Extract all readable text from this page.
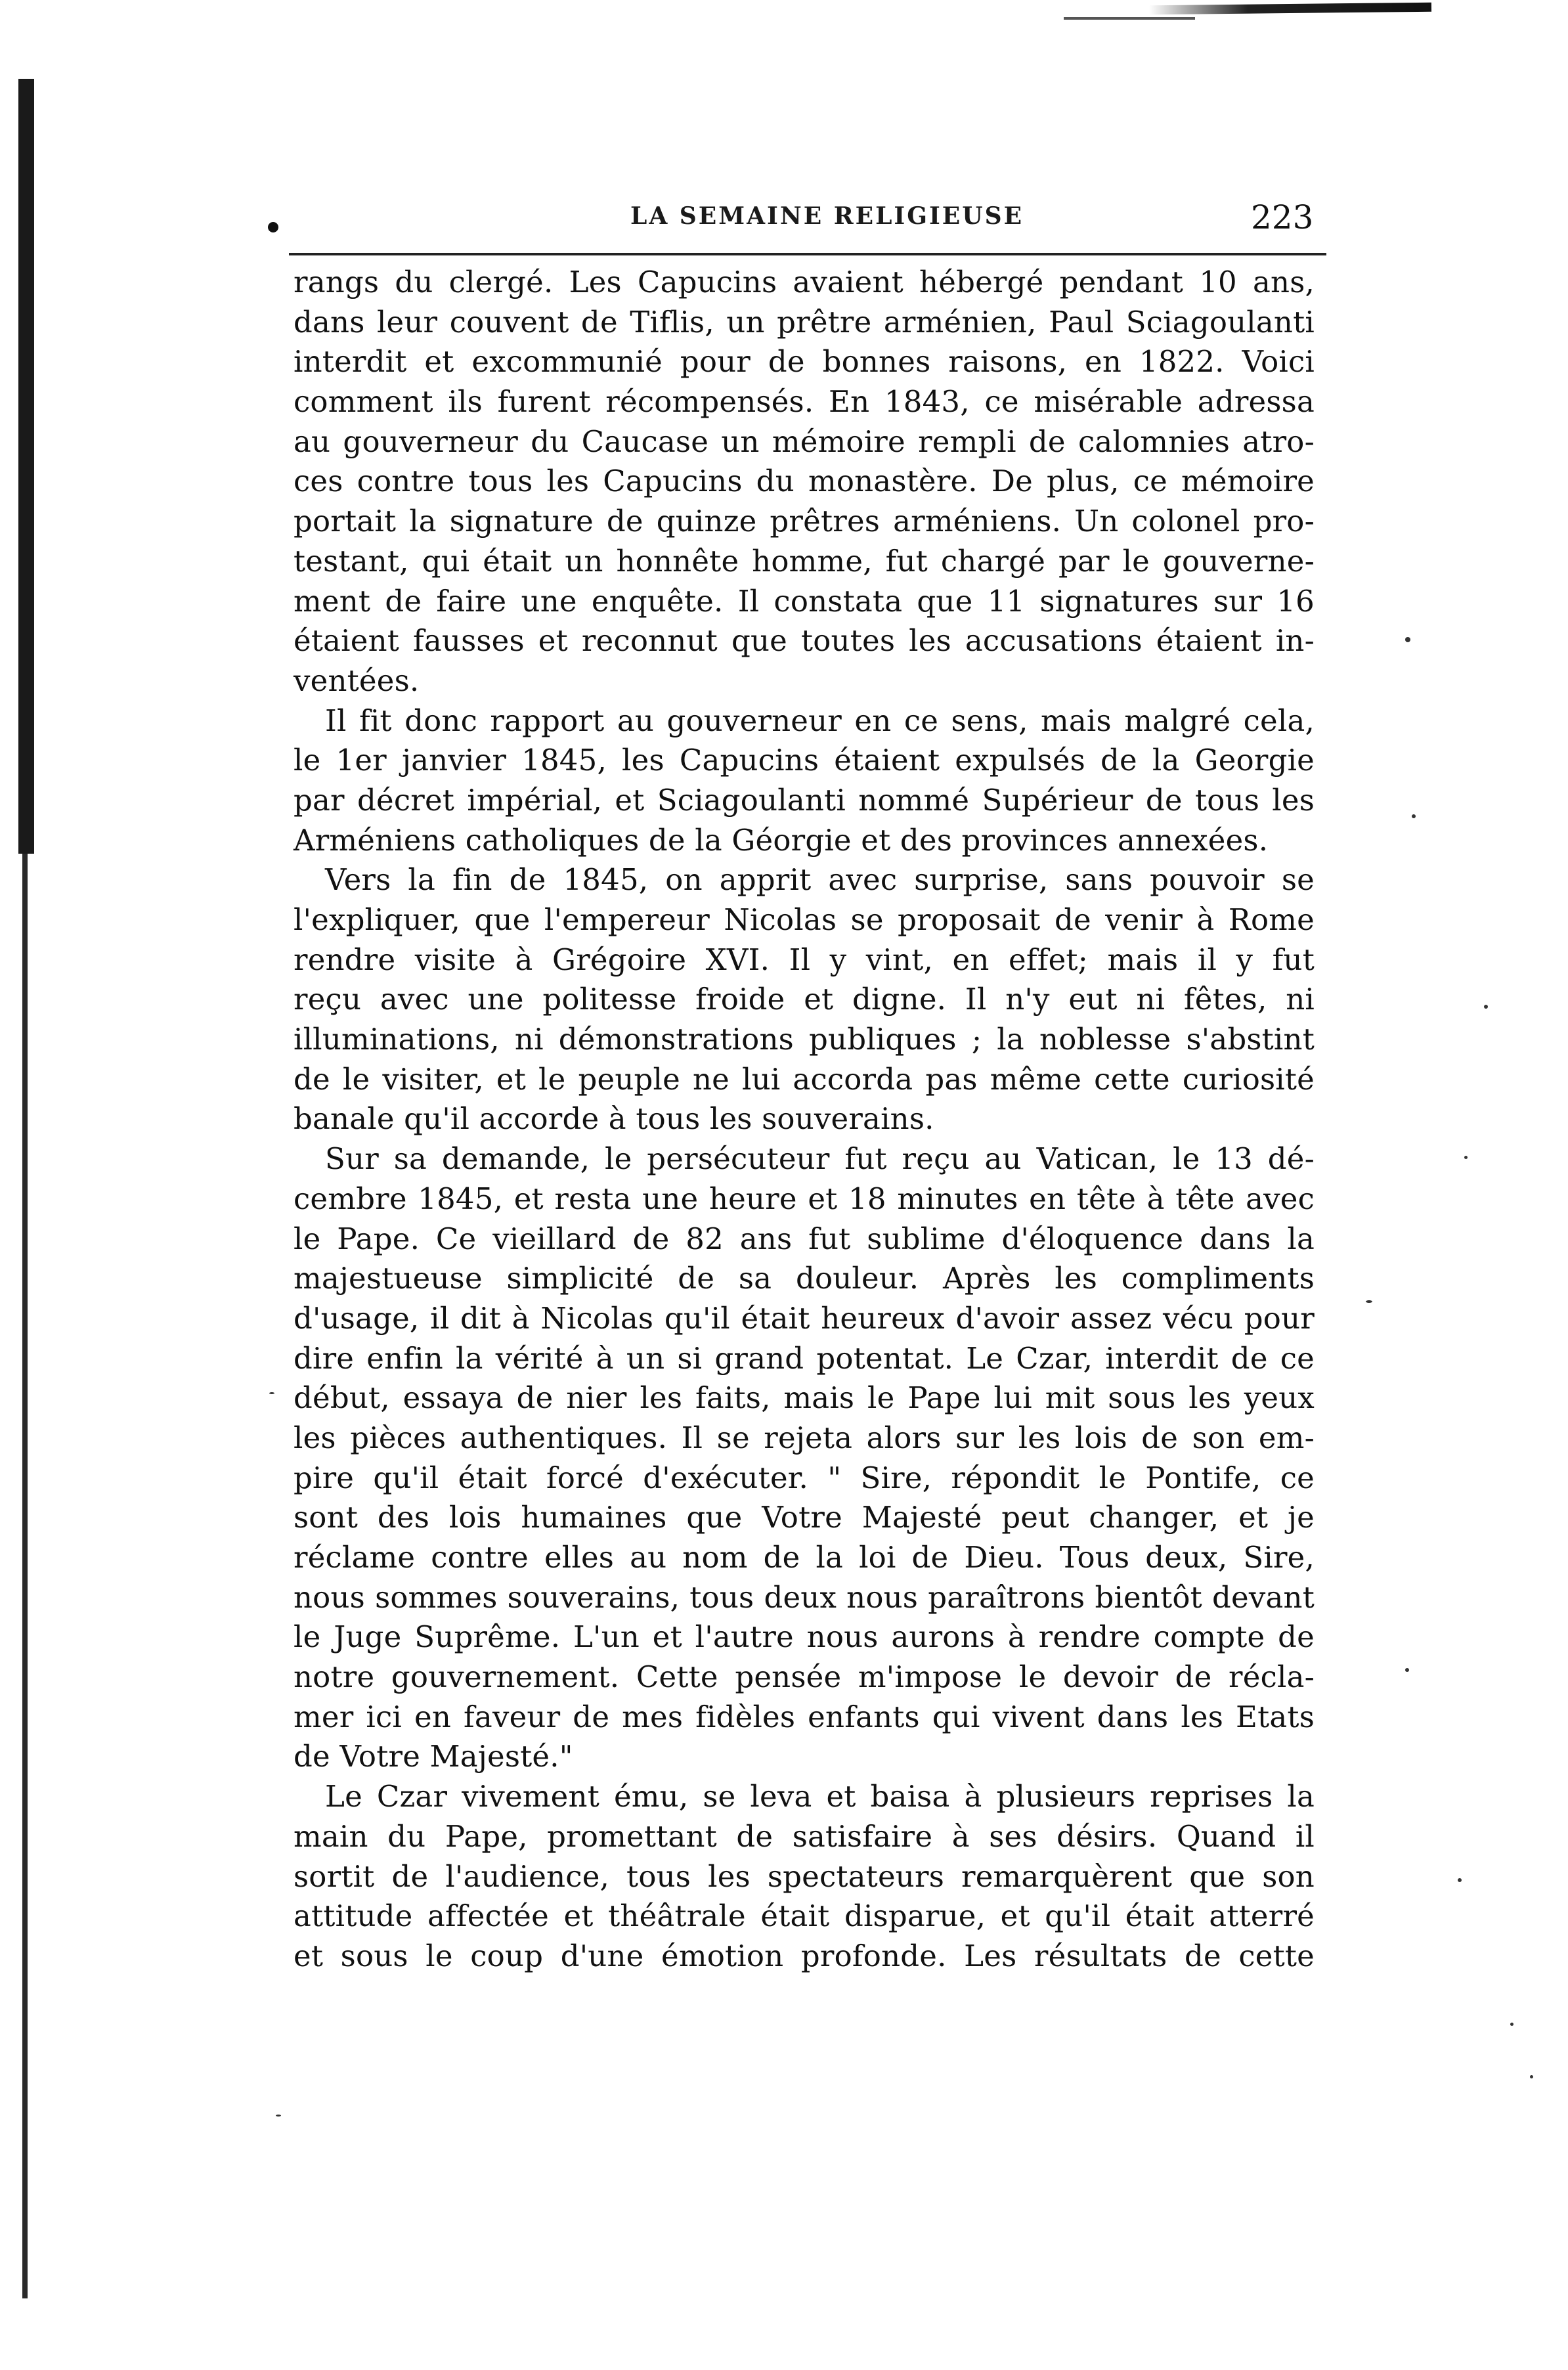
LA SEMAINE RELIGIEUSE	223
rangs du clergé. Les Capucins avaient hébergé pendant 10 ans,
dans leur couvent de Tiflis, un prêtre arménien, Paul Sciagoulanti
interdit et excommunié pour de bonnes raisons, en 1822. Voici
comment ils furent récompensés. En 1843, ce misérable adressa
au gouverneur du Caucase un mémoire rempli de calomnies atro-
ces contre tous les Capucins du monastère. De plus, ce mémoire
portait la signature de quinze prêtres arméniens. Un colonel pro-
testant, qui était un honnête homme, fut chargé par le gouverne-
ment de faire une enquête. Il constata que 11 signatures sur 16
étaient fausses et reconnut que toutes les accusations étaient in-
ventées.
Il fit donc rapport au gouverneur en ce sens, mais malgré cela,
le 1er janvier 1845, les Capucins étaient expulsés de la Georgie
par décret impérial, et Sciagoulanti nommé Supérieur de tous les
Arméniens catholiques de la Géorgie et des provinces annexées.
Vers la fin de 1845, on apprit avec surprise, sans pouvoir se
l'expliquer, que l'empereur Nicolas se proposait de venir à Rome
rendre visite à Grégoire XVI. Il y vint, en effet; mais il y fut
reçu avec une politesse froide et digne. Il n'y eut ni fêtes, ni
illuminations, ni démonstrations publiques ; la noblesse s'abstint
de le visiter, et le peuple ne lui accorda pas même cette curiosité
banale qu'il accorde à tous les souverains.
Sur sa demande, le persécuteur fut reçu au Vatican, le 13 dé-
cembre 1845, et resta une heure et 18 minutes en tête à tête avec
le Pape. Ce vieillard de 82 ans fut sublime d'éloquence dans la
majestueuse simplicité de sa douleur. Après les compliments
d'usage, il dit à Nicolas qu'il était heureux d'avoir assez vécu pour
dire enfin la vérité à un si grand potentat. Le Czar, interdit de ce
début, essaya de nier les faits, mais le Pape lui mit sous les yeux
les pièces authentiques. Il se rejeta alors sur les lois de son em-
pire qu'il était forcé d'exécuter. " Sire, répondit le Pontife, ce
sont des lois humaines que Votre Majesté peut changer, et je
réclame contre elles au nom de la loi de Dieu. Tous deux, Sire,
nous sommes souverains, tous deux nous paraîtrons bientôt devant
le Juge Suprême. L'un et l'autre nous aurons à rendre compte de
notre gouvernement. Cette pensée m'impose le devoir de récla-
mer ici en faveur de mes fidèles enfants qui vivent dans les Etats
de Votre Majesté."
Le Czar vivement ému, se leva et baisa à plusieurs reprises la
main du Pape, promettant de satisfaire à ses désirs. Quand il
sortit de l'audience, tous les spectateurs remarquèrent que son
attitude affectée et théâtrale était disparue, et qu'il était atterré
et sous le coup d'une émotion profonde. Les résultats de cette
